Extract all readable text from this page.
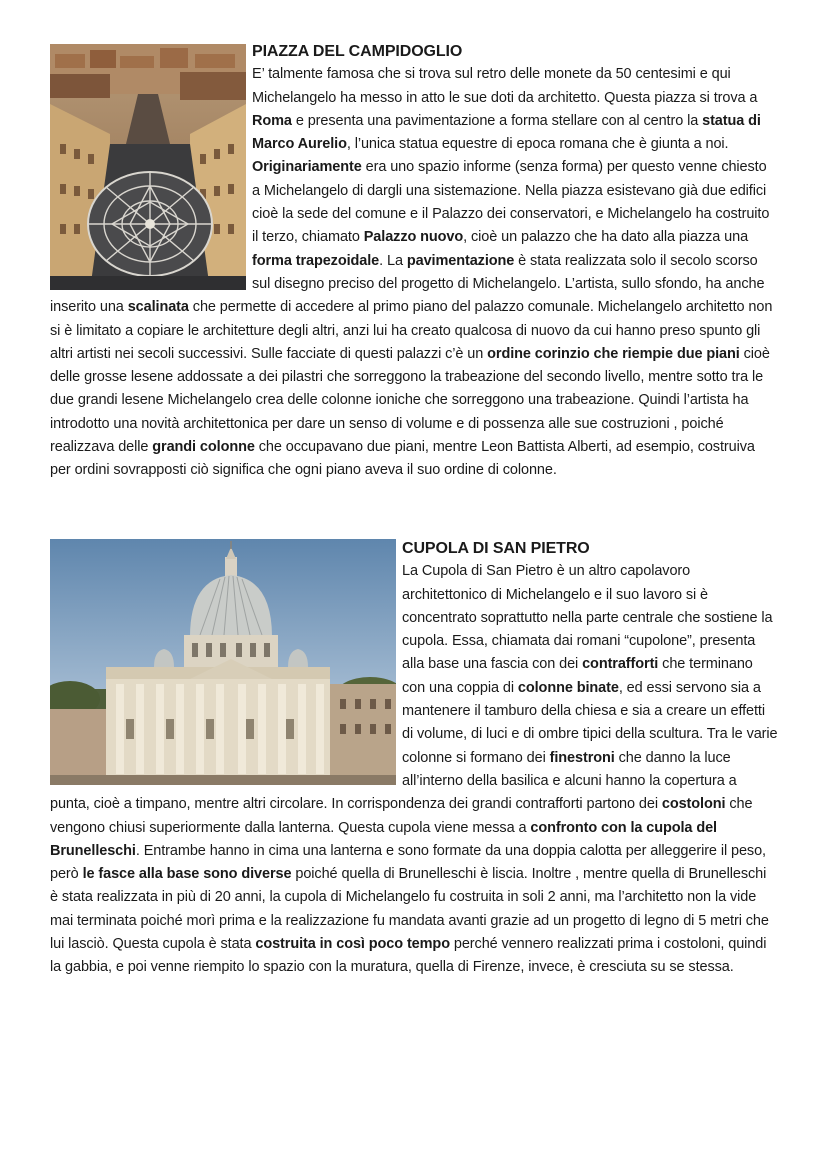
PIAZZA DEL CAMPIDOGLIO
E’ talmente famosa che si trova sul retro delle monete da 50 centesimi e qui Michelangelo ha messo in atto le sue doti da architetto. Questa piazza si trova a Roma e presenta una pavimentazione a forma stellare con al centro la statua di Marco Aurelio, l’unica statua equestre di epoca romana che è giunta a noi. Originariamente era uno spazio informe (senza forma) per questo venne chiesto a Michelangelo di dargli una sistemazione. Nella piazza esistevano già due edifici cioè la sede del comune e il Palazzo dei conservatori, e Michelangelo ha costruito il terzo, chiamato Palazzo nuovo, cioè un palazzo che ha dato alla piazza una forma trapezoidale. La pavimentazione è stata realizzata solo il secolo scorso sul disegno preciso del progetto di Michelangelo. L’artista, sullo sfondo, ha anche inserito una scalinata che permette di accedere al primo piano del palazzo comunale. Michelangelo architetto non si è limitato a copiare le architetture degli altri, anzi lui ha creato qualcosa di nuovo da cui hanno preso spunto gli altri artisti nei secoli successivi. Sulle facciate di questi palazzi c’è un ordine corinzio che riempie due piani cioè delle grosse lesene addossate a dei pilastri che sorreggono la trabeazione del secondo livello, mentre sotto tra le due grandi lesene Michelangelo crea delle colonne ioniche che sorreggono una trabeazione. Quindi l’artista ha introdotto una novità architettonica per dare un senso di volume e di possenza alle sue costruzioni , poiché realizzava delle grandi colonne che occupavano due piani, mentre Leon Battista Alberti, ad esempio, costruiva per ordini sovrapposti ciò significa che ogni piano aveva il suo ordine di colonne.

CUPOLA DI SAN PIETRO
La Cupola di San Pietro è un altro capolavoro architettonico di Michelangelo e il suo lavoro si è concentrato soprattutto nella parte centrale che sostiene la cupola. Essa, chiamata dai romani “cupolone”, presenta alla base una fascia con dei contrafforti che terminano con una coppia di colonne binate, ed essi servono sia a mantenere il tamburo della chiesa e sia a creare un effetti di volume, di luci e di ombre tipici della scultura. Tra le varie colonne si formano dei finestroni che danno la luce all’interno della basilica e alcuni hanno la copertura a punta, cioè a timpano, mentre altri circolare. In corrispondenza dei grandi contrafforti partono dei costoloni che vengono chiusi superiormente dalla lanterna. Questa cupola viene messa a confronto con la cupola del Brunelleschi. Entrambe hanno in cima una lanterna e sono formate da una doppia calotta per alleggerire il peso, però le fasce alla base sono diverse poiché quella di Brunelleschi è liscia. Inoltre , mentre quella di Brunelleschi è stata realizzata in più di 20 anni, la cupola di Michelangelo fu costruita in soli 2 anni, ma l’architetto non la vide mai terminata poiché morì prima e la realizzazione fu mandata avanti grazie ad un progetto di legno di 5 metri che lui lasciò. Questa cupola è stata costruita in così poco tempo perché vennero realizzati prima i costoloni, quindi la gabbia, e poi venne riempito lo spazio con la muratura, quella di Firenze, invece, è cresciuta su se stessa.
